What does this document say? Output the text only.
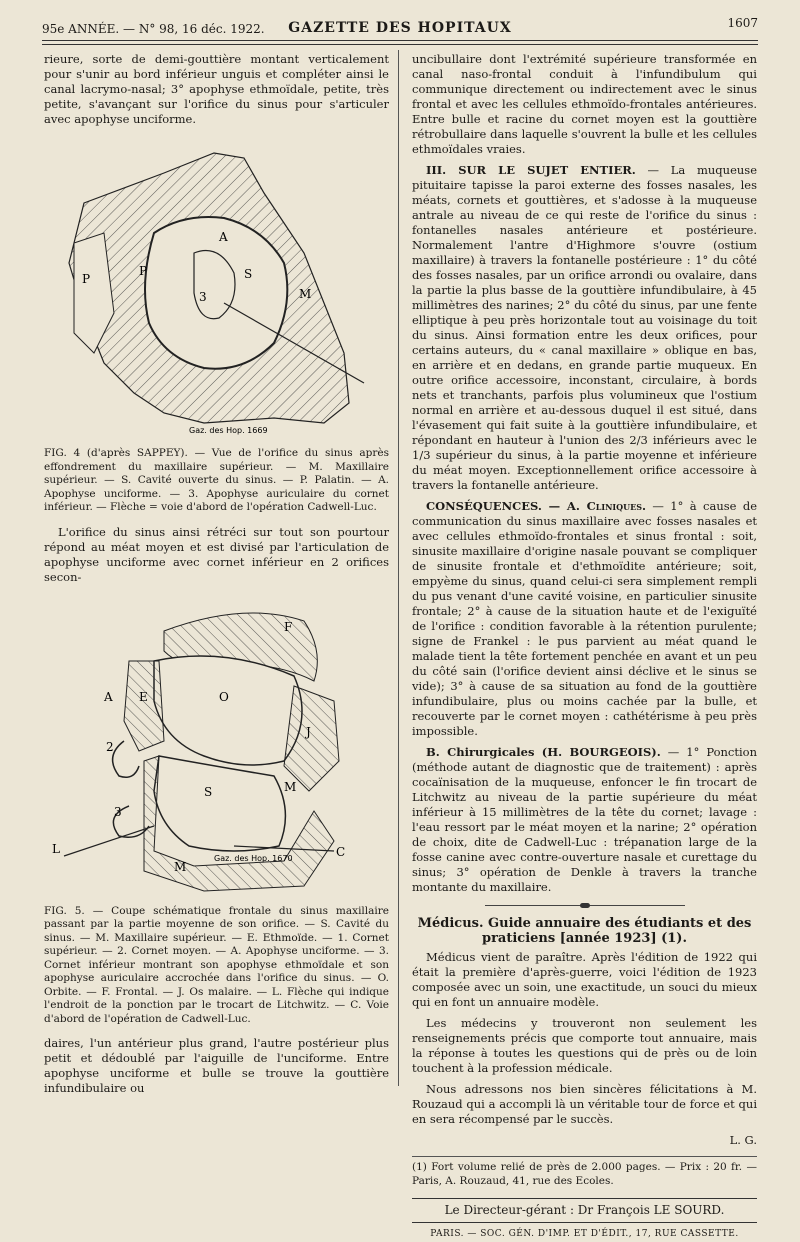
95e ANNÉE. — N° 98, 16 déc. 1922.	GAZETTE DES HOPITAUX	1607

rieure, sorte de demi-gouttière montant verticalement pour s'unir au bord inférieur unguis et compléter ainsi le canal lacrymo-nasal; 3° apophyse ethmoïdale, petite, très petite, s'avançant sur l'orifice du sinus pour s'articuler avec apophyse unciforme.

A
P
P	S
3	M
Gaz. des Hop. 1669

FIG. 4 (d'après SAPPEY). — Vue de l'orifice du sinus après effondrement du maxillaire supérieur. — M. Maxillaire supérieur. — S. Cavité ouverte du sinus. — P. Palatin. — A. Apophyse unciforme. — 3. Apophyse auriculaire du cornet inférieur. — Flèche = voie d'abord de l'opération Cadwell-Luc.

L'orifice du sinus ainsi rétréci sur tout son pourtour répond au méat moyen et est divisé par l'articulation de apophyse unciforme avec cornet inférieur en 2 orifices secon-

F
O
A E
J
2
S	M
3
L
M
C
Gaz. des Hop. 1670

FIG. 5. — Coupe schématique frontale du sinus maxillaire passant par la partie moyenne de son orifice. — S. Cavité du sinus. — M. Maxillaire supérieur. — E. Ethmoïde. — 1. Cornet supérieur. — 2. Cornet moyen. — A. Apophyse unciforme. — 3. Cornet inférieur montrant son apophyse ethmoïdale et son apophyse auriculaire accrochée dans l'orifice du sinus. — O. Orbite. — F. Frontal. — J. Os malaire. — L. Flèche qui indique l'endroit de la ponction par le trocart de Litchwitz. — C. Voie d'abord de l'opération de Cadwell-Luc.

daires, l'un antérieur plus grand, l'autre postérieur plus petit et dédoublé par l'aiguille de l'unciforme. Entre apophyse unciforme et bulle se trouve la gouttière infundibulaire ou

uncibullaire dont l'extrémité supérieure transformée en canal naso-frontal conduit à l'infundibulum qui communique directement ou indirectement avec le sinus frontal et avec les cellules ethmoïdo-frontales antérieures. Entre bulle et racine du cornet moyen est la gouttière rétrobullaire dans laquelle s'ouvrent la bulle et les cellules ethmoïdales vraies.

III. SUR LE SUJET ENTIER. — La muqueuse pituitaire tapisse la paroi externe des fosses nasales, les méats, cornets et gouttières, et s'adosse à la muqueuse antrale au niveau de ce qui reste de l'orifice du sinus : fontanelles nasales antérieure et postérieure. Normalement l'antre d'Highmore s'ouvre (ostium maxillaire) à travers la fontanelle postérieure : 1° du côté des fosses nasales, par un orifice arrondi ou ovalaire, dans la partie la plus basse de la gouttière infundibulaire, à 45 millimètres des narines; 2° du côté du sinus, par une fente elliptique à peu près horizontale tout au voisinage du toit du sinus. Ainsi formation entre les deux orifices, pour certains auteurs, du « canal maxillaire » oblique en bas, en arrière et en dedans, en grande partie muqueux. En outre orifice accessoire, inconstant, circulaire, à bords nets et tranchants, parfois plus volumineux que l'ostium normal en arrière et au-dessous duquel il est situé, dans l'évasement qui fait suite à la gouttière infundibulaire, et répondant en hauteur à l'union des 2/3 inférieurs avec le 1/3 supérieur du sinus, à la partie moyenne et inférieure du méat moyen. Exceptionnellement orifice accessoire à travers la fontanelle antérieure.

CONSÉQUENCES. — A. Cliniques. — 1° à cause de communication du sinus maxillaire avec fosses nasales et avec cellules ethmoïdo-frontales et sinus frontal : soit, sinusite maxillaire d'origine nasale pouvant se compliquer de sinusite frontale et d'ethmoïdite antérieure; soit, empyème du sinus, quand celui-ci sera simplement rempli du pus venant d'une cavité voisine, en particulier sinusite frontale; 2° à cause de la situation haute et de l'exiguïté de l'orifice : condition favorable à la rétention purulente; signe de Frankel : le pus parvient au méat quand le malade tient la tête fortement penchée en avant et un peu du côté sain (l'orifice devient ainsi déclive et le sinus se vide); 3° à cause de sa situation au fond de la gouttière infundibulaire, plus ou moins cachée par la bulle, et recouverte par le cornet moyen : cathétérisme à peu près impossible.

B. Chirurgicales (H. BOURGEOIS). — 1° Ponction (méthode autant de diagnostic que de traitement) : après cocaïnisation de la muqueuse, enfoncer le fin trocart de Litchwitz au niveau de la partie supérieure du méat inférieur à 15 millimètres de la tête du cornet; lavage : l'eau ressort par le méat moyen et la narine; 2° opération de choix, dite de Cadwell-Luc : trépanation large de la fosse canine avec contre-ouverture nasale et curettage du sinus; 3° opération de Denkle à travers la tranche montante du maxillaire.

Médicus. Guide annuaire des étudiants et des praticiens [année 1923] (1).

Médicus vient de paraître. Après l'édition de 1922 qui était la première d'après-guerre, voici l'édition de 1923 composée avec un soin, une exactitude, un souci du mieux qui en font un annuaire modèle.

Les médecins y trouveront non seulement les renseignements précis que comporte tout annuaire, mais la réponse à toutes les questions qui de près ou de loin touchent à la profession médicale.

Nous adressons nos bien sincères félicitations à M. Rouzaud qui a accompli là un véritable tour de force et qui en sera récompensé par le succès.

L. G.

(1) Fort volume relié de près de 2.000 pages. — Prix : 20 fr. — Paris, A. Rouzaud, 41, rue des Ecoles.
Le Directeur-gérant : Dr François LE SOURD.
PARIS. — SOC. GÉN. D'IMP. ET D'ÉDIT., 17, RUE CASSETTE.
